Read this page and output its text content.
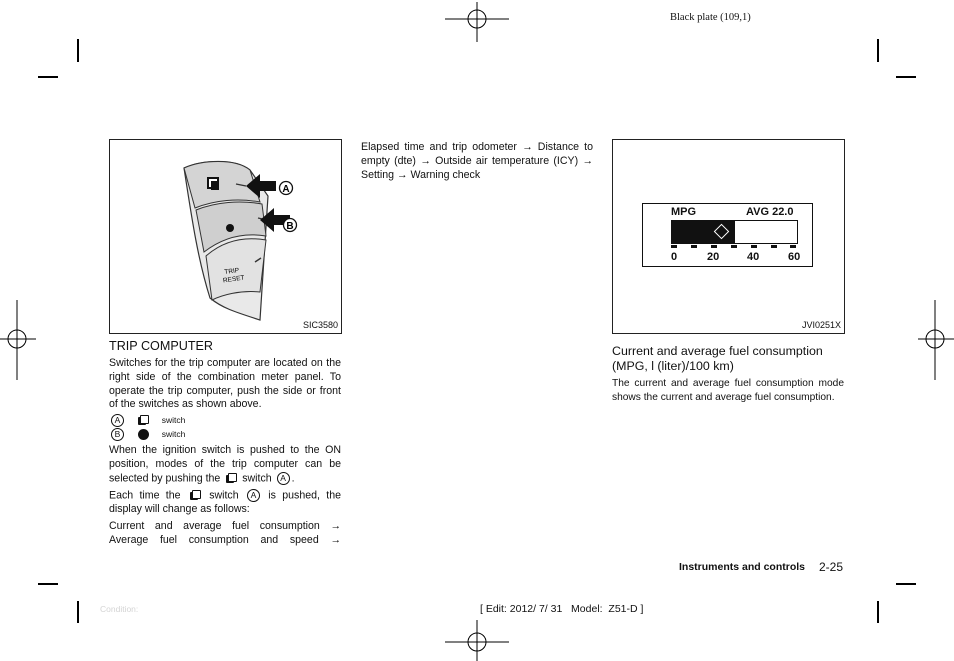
Black plate (109,1)
A
B
TRIP
RESET
SIC3580
TRIP COMPUTER
Switches for the trip computer are located on the right side of the combination meter panel. To operate the trip computer, push the side or front of the switches as shown above.
A	switch
B	switch
When the ignition switch is pushed to the ON position, modes of the trip computer can be selected by pushing the switch A .
Each time the	switch A is pushed, the display will change as follows:
Current and average fuel consumption →
Average fuel consumption and speed →
Elapsed time and trip odometer → Distance to empty (dte) → Outside air temperature (ICY) → Setting → Warning check
MPG	AVG 22.0
0	20	40	60
JVI0251X
Current and average fuel consumption (MPG, l (liter)/100 km)
The current and average fuel consumption mode shows the current and average fuel consumption.
Instruments and controls 2-25
Condition:	[ Edit: 2012/ 7/ 31   Model:  Z51-D ]
